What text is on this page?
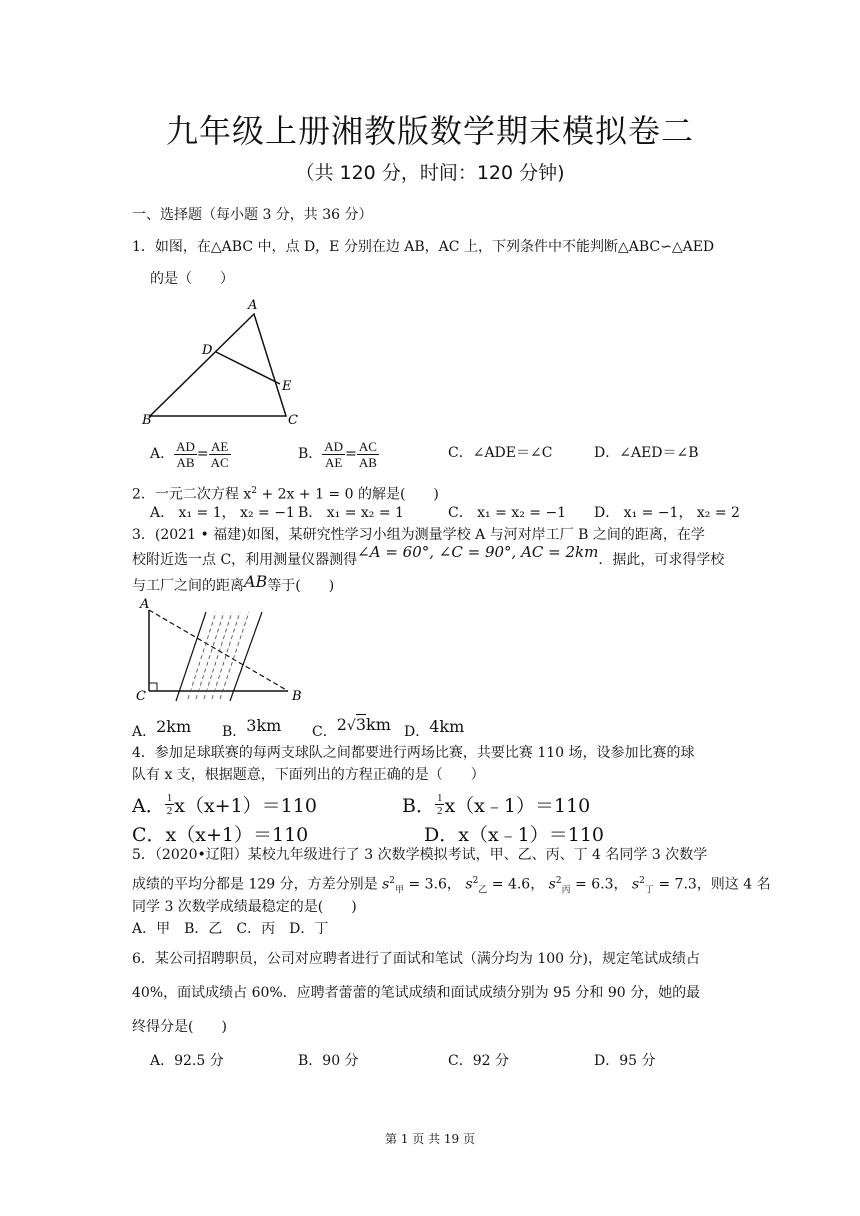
九年级上册湘教版数学期末模拟卷二
（共 120 分，时间：120 分钟)
一、选择题（每小题 3 分，共 36 分）
1．如图，在△ABC 中，点 D，E 分别在边 AB，AC 上，下列条件中不能判断△ABC∽△AED
的是（　　）
A
D
E
B	C
A． $\frac{AD}{AB} = \frac{AE}{AC}$	B． $\frac{AD}{AE} = \frac{AC}{AB}$	C．∠ADE＝∠C	D．∠AED＝∠B
2．一元二次方程 $x^2 + 2x + 1 = 0$ 的解是(　　)
A． x₁ = 1， x₂ = −1 B． x₁ = x₂ = 1	C． x₁ = x₂ = −1 D． x₁ = −1， x₂ = 2
3．(2021 • 福建)如图，某研究性学习小组为测量学校 A 与河对岸工厂 B 之间的距离，在学
校附近选一点 C，利用测量仪器测得∠A = 60°, ∠C = 90°, AC = 2km．据此，可求得学校
与工厂之间的距离AB等于(　　)
A
C	B
A．2km B．3km C．2√3km D．4km
4．参加足球联赛的每两支球队之间都要进行两场比赛，共要比赛 110 场，设参加比赛的球
队有 x 支，根据题意，下面列出的方程正确的是（　　）
A． $\frac{1}{2} x(x+1)=110$	B． $\frac{1}{2}$ x（x﹣1）＝110
C．x（x+1）＝110	D．x（x﹣1）＝110
5．（2020•辽阳）某校九年级进行了 3 次数学模拟考试，甲、乙、丙、丁 4 名同学 3 次数学
成绩的平均分都是 129 分，方差分别是 $s^2_甲 = 3.6$， $s^2_乙 = 4.6$， $s^2_丙 = 6.3$， $s^2_丁 = 7.3$，则这 4 名
同学 3 次数学成绩最稳定的是(　　)
A．甲　B．乙　C．丙　D．丁
6．某公司招聘职员，公司对应聘者进行了面试和笔试（满分均为 100 分)，规定笔试成绩占
40%，面试成绩占 60%．应聘者蕾蕾的笔试成绩和面试成绩分别为 95 分和 90 分，她的最
终得分是(　　)
A．92.5 分	B．90 分	C．92 分	D．95 分
第 1 页 共 19 页
